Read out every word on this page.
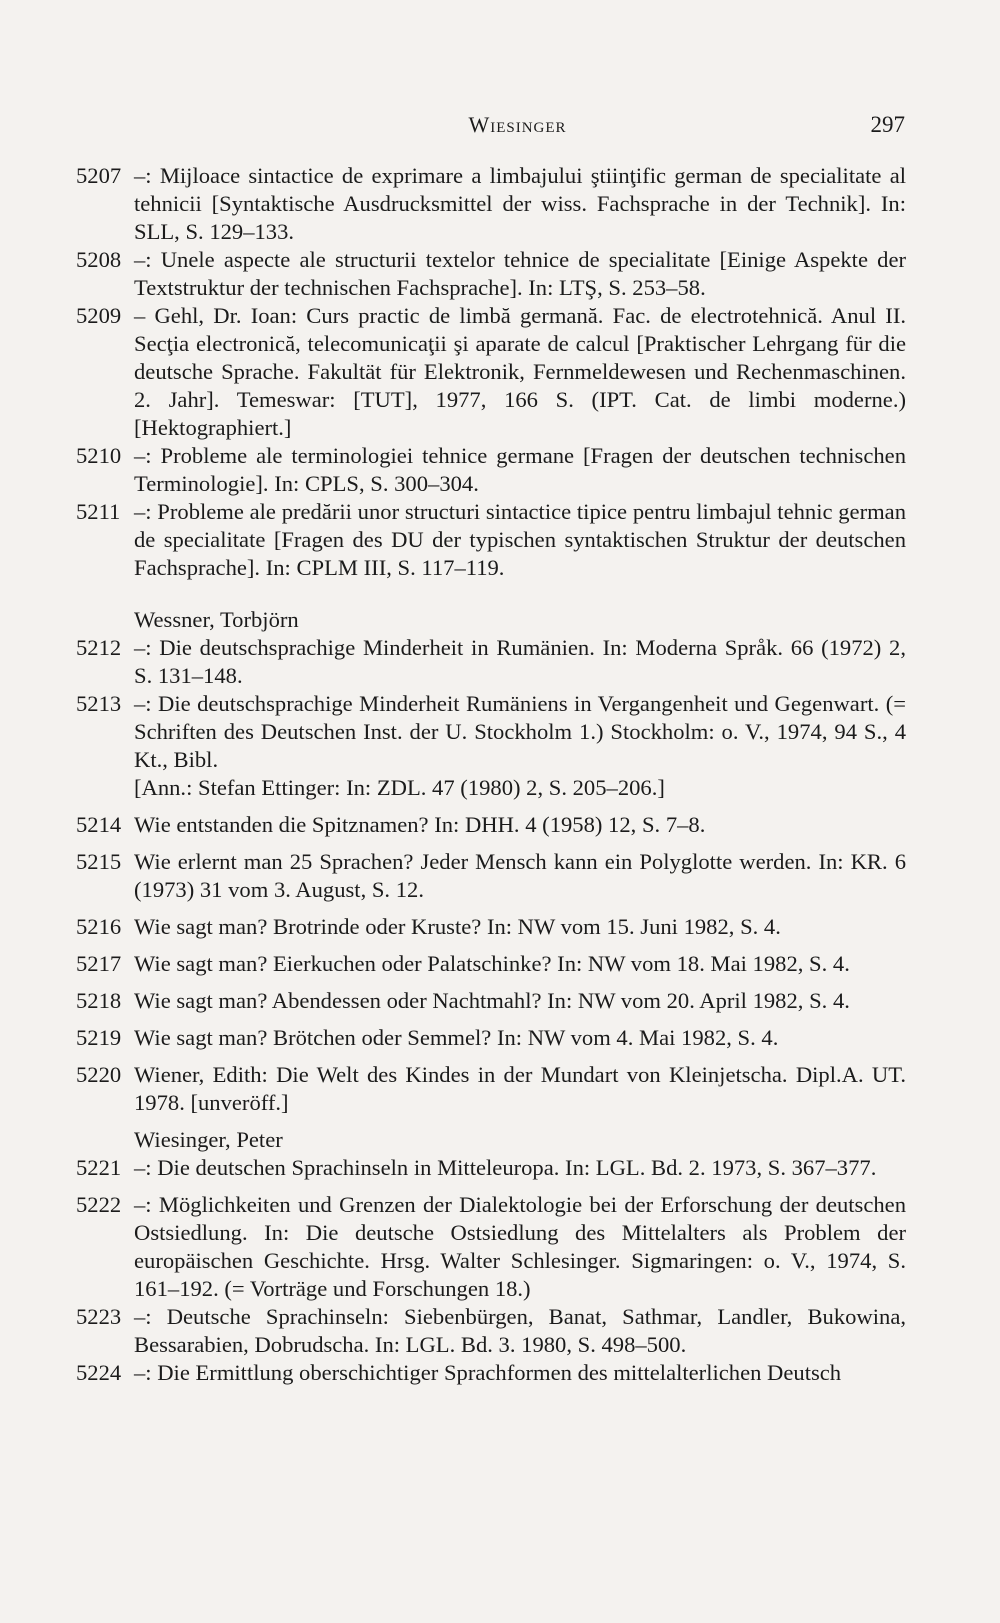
Wiesinger	297
5207 –: Mijloace sintactice de exprimare a limbajului ştiinţific german de specialitate al tehnicii [Syntaktische Ausdrucksmittel der wiss. Fachsprache in der Technik]. In: SLL, S. 129–133.
5208 –: Unele aspecte ale structurii textelor tehnice de specialitate [Einige Aspekte der Textstruktur der technischen Fachsprache]. In: LTŞ, S. 253–58.
5209 – Gehl, Dr. Ioan: Curs practic de limbă germană. Fac. de electrotehnică. Anul II. Secţia electronică, telecomunicaţii şi aparate de calcul [Praktischer Lehrgang für die deutsche Sprache. Fakultät für Elektronik, Fernmeldewesen und Rechenmaschinen. 2. Jahr]. Temeswar: [TUT], 1977, 166 S. (IPT. Cat. de limbi moderne.) [Hektographiert.]
5210 –: Probleme ale terminologiei tehnice germane [Fragen der deutschen technischen Terminologie]. In: CPLS, S. 300–304.
5211 –: Probleme ale predării unor structuri sintactice tipice pentru limbajul tehnic german de specialitate [Fragen des DU der typischen syntaktischen Struktur der deutschen Fachsprache]. In: CPLM III, S. 117–119.
Wessner, Torbjörn
5212 –: Die deutschsprachige Minderheit in Rumänien. In: Moderna Språk. 66 (1972) 2, S. 131–148.
5213 –: Die deutschsprachige Minderheit Rumäniens in Vergangenheit und Gegenwart. (= Schriften des Deutschen Inst. der U. Stockholm 1.) Stockholm: o. V., 1974, 94 S., 4 Kt., Bibl.
[Ann.: Stefan Ettinger: In: ZDL. 47 (1980) 2, S. 205–206.]
5214 Wie entstanden die Spitznamen? In: DHH. 4 (1958) 12, S. 7–8.
5215 Wie erlernt man 25 Sprachen? Jeder Mensch kann ein Polyglotte werden. In: KR. 6 (1973) 31 vom 3. August, S. 12.
5216 Wie sagt man? Brotrinde oder Kruste? In: NW vom 15. Juni 1982, S. 4.
5217 Wie sagt man? Eierkuchen oder Palatschinke? In: NW vom 18. Mai 1982, S. 4.
5218 Wie sagt man? Abendessen oder Nachtmahl? In: NW vom 20. April 1982, S. 4.
5219 Wie sagt man? Brötchen oder Semmel? In: NW vom 4. Mai 1982, S. 4.
5220 Wiener, Edith: Die Welt des Kindes in der Mundart von Kleinjetscha. Dipl.A. UT. 1978. [unveröff.]
Wiesinger, Peter
5221 –: Die deutschen Sprachinseln in Mitteleuropa. In: LGL. Bd. 2. 1973, S. 367–377.
5222 –: Möglichkeiten und Grenzen der Dialektologie bei der Erforschung der deutschen Ostsiedlung. In: Die deutsche Ostsiedlung des Mittelalters als Problem der europäischen Geschichte. Hrsg. Walter Schlesinger. Sigmaringen: o. V., 1974, S. 161–192. (= Vorträge und Forschungen 18.)
5223 –: Deutsche Sprachinseln: Siebenbürgen, Banat, Sathmar, Landler, Bukowina, Bessarabien, Dobrudscha. In: LGL. Bd. 3. 1980, S. 498–500.
5224 –: Die Ermittlung oberschichtiger Sprachformen des mittelalterlichen Deutsch
